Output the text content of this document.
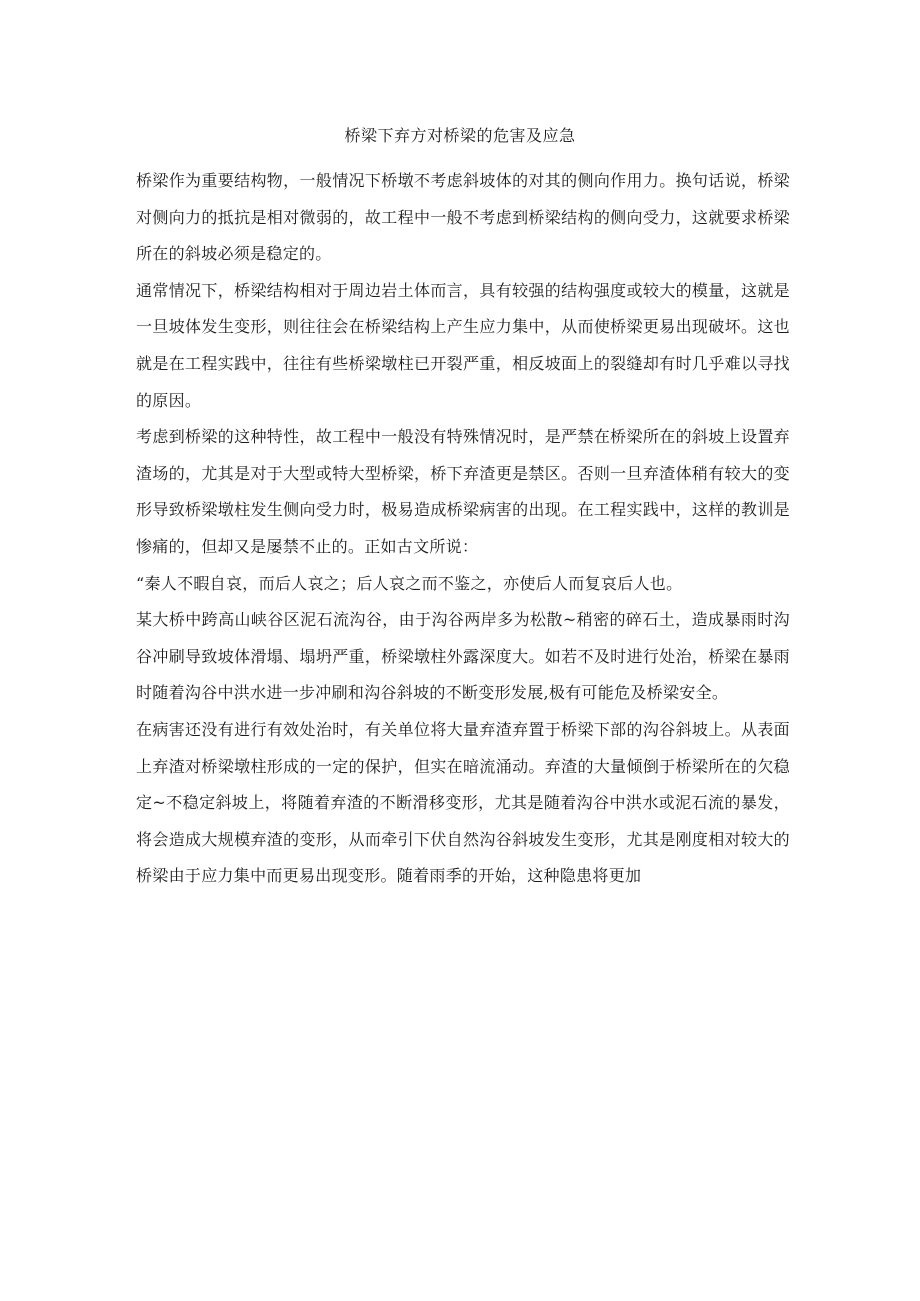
桥梁下弃方对桥梁的危害及应急

桥梁作为重要结构物，一般情况下桥墩不考虑斜坡体的对其的侧向作用力。换句话说，桥梁对侧向力的抵抗是相对微弱的，故工程中一般不考虑到桥梁结构的侧向受力，这就要求桥梁所在的斜坡必须是稳定的。

通常情况下，桥梁结构相对于周边岩土体而言，具有较强的结构强度或较大的模量，这就是一旦坡体发生变形，则往往会在桥梁结构上产生应力集中，从而使桥梁更易出现破坏。这也就是在工程实践中，往往有些桥梁墩柱已开裂严重，相反坡面上的裂缝却有时几乎难以寻找的原因。

考虑到桥梁的这种特性，故工程中一般没有特殊情况时，是严禁在桥梁所在的斜坡上设置弃渣场的，尤其是对于大型或特大型桥梁，桥下弃渣更是禁区。否则一旦弃渣体稍有较大的变形导致桥梁墩柱发生侧向受力时，极易造成桥梁病害的出现。在工程实践中，这样的教训是惨痛的，但却又是屡禁不止的。正如古文所说：

“秦人不暇自哀，而后人哀之；后人哀之而不鉴之，亦使后人而复哀后人也。

某大桥中跨高山峡谷区泥石流沟谷，由于沟谷两岸多为松散~稍密的碎石土，造成暴雨时沟谷冲刷导致坡体滑塌、塌坍严重，桥梁墩柱外露深度大。如若不及时进行处治，桥梁在暴雨时随着沟谷中洪水进一步冲刷和沟谷斜坡的不断变形发展,极有可能危及桥梁安全。

在病害还没有进行有效处治时，有关单位将大量弃渣弃置于桥梁下部的沟谷斜坡上。从表面上弃渣对桥梁墩柱形成的一定的保护，但实在暗流涌动。弃渣的大量倾倒于桥梁所在的欠稳定~不稳定斜坡上，将随着弃渣的不断滑移变形，尤其是随着沟谷中洪水或泥石流的暴发，将会造成大规模弃渣的变形，从而牵引下伏自然沟谷斜坡发生变形，尤其是刚度相对较大的桥梁由于应力集中而更易出现变形。随着雨季的开始，这种隐患将更加
